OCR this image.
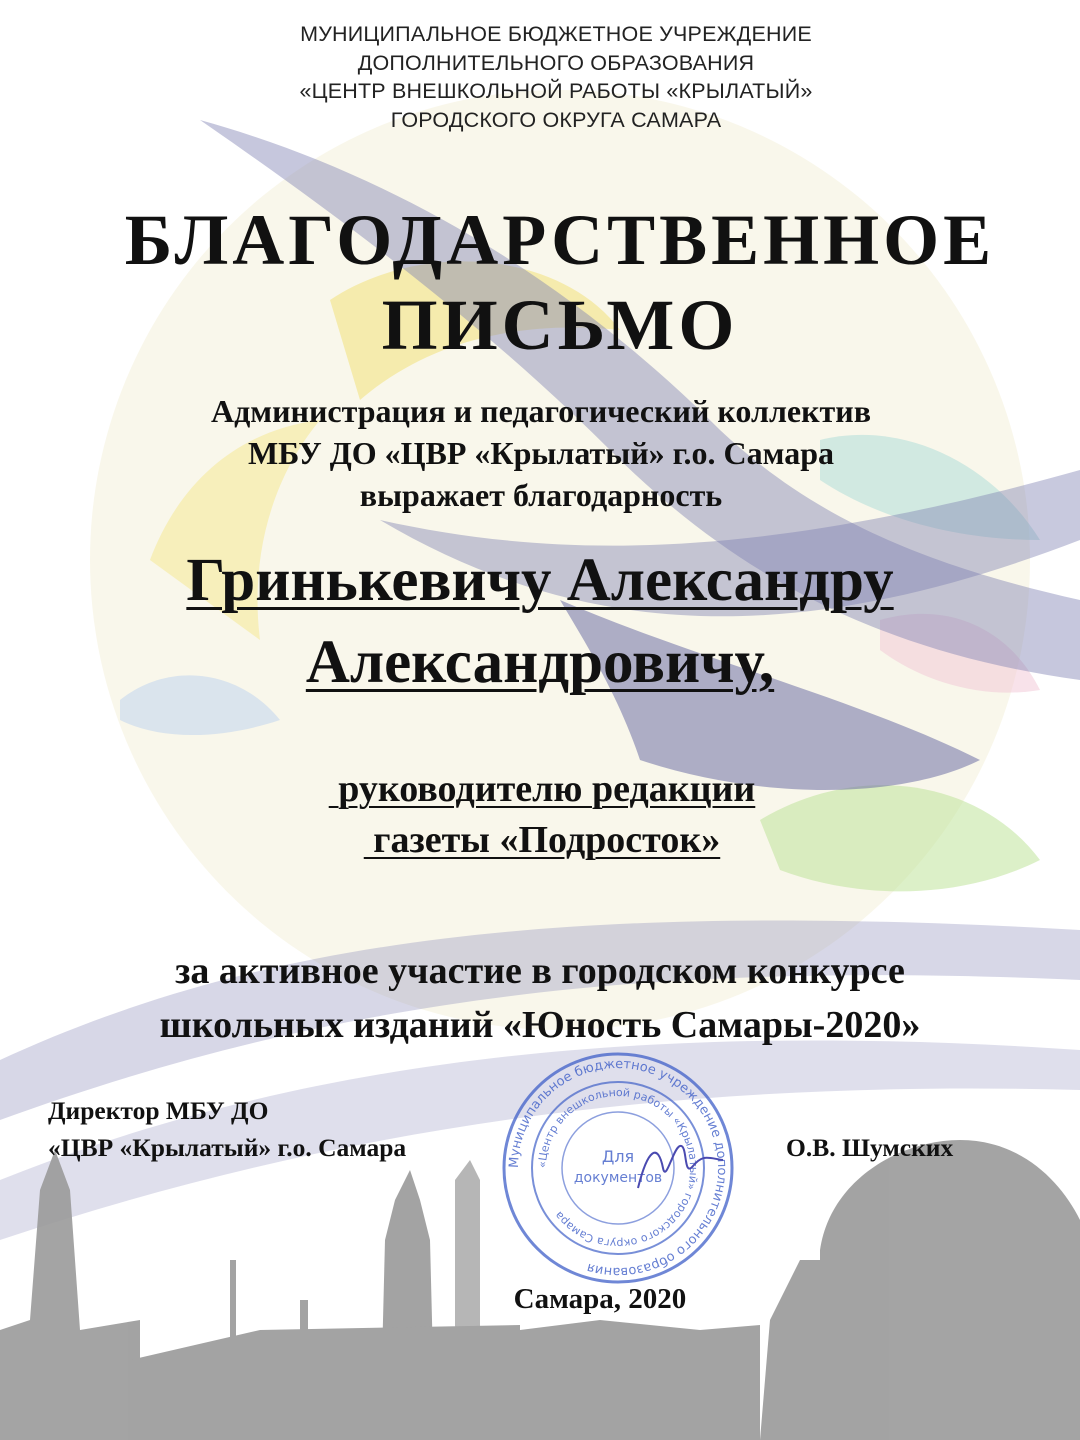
Муниципальное бюджетное учреждение дополнительного образования
«Центр внешкольной работы «Крылатый» городского округа Самара
Для
документов
МУНИЦИПАЛЬНОЕ БЮДЖЕТНОЕ УЧРЕЖДЕНИЕ
ДОПОЛНИТЕЛЬНОГО ОБРАЗОВАНИЯ
«ЦЕНТР ВНЕШКОЛЬНОЙ РАБОТЫ «КРЫЛАТЫЙ»
ГОРОДСКОГО ОКРУГА САМАРА
БЛАГОДАРСТВЕННОЕ
ПИСЬМО
Администрация и педагогический коллектив
МБУ ДО «ЦВР «Крылатый» г.о. Самара
выражает благодарность
Гринькевичу Александру
Александровичу,
руководителю редакции
газеты «Подросток»
за активное участие в городском конкурсе
школьных изданий «Юность Самары-2020»
Директор МБУ ДО
«ЦВР «Крылатый» г.о. Самара	О.В. Шумских
Самара, 2020
